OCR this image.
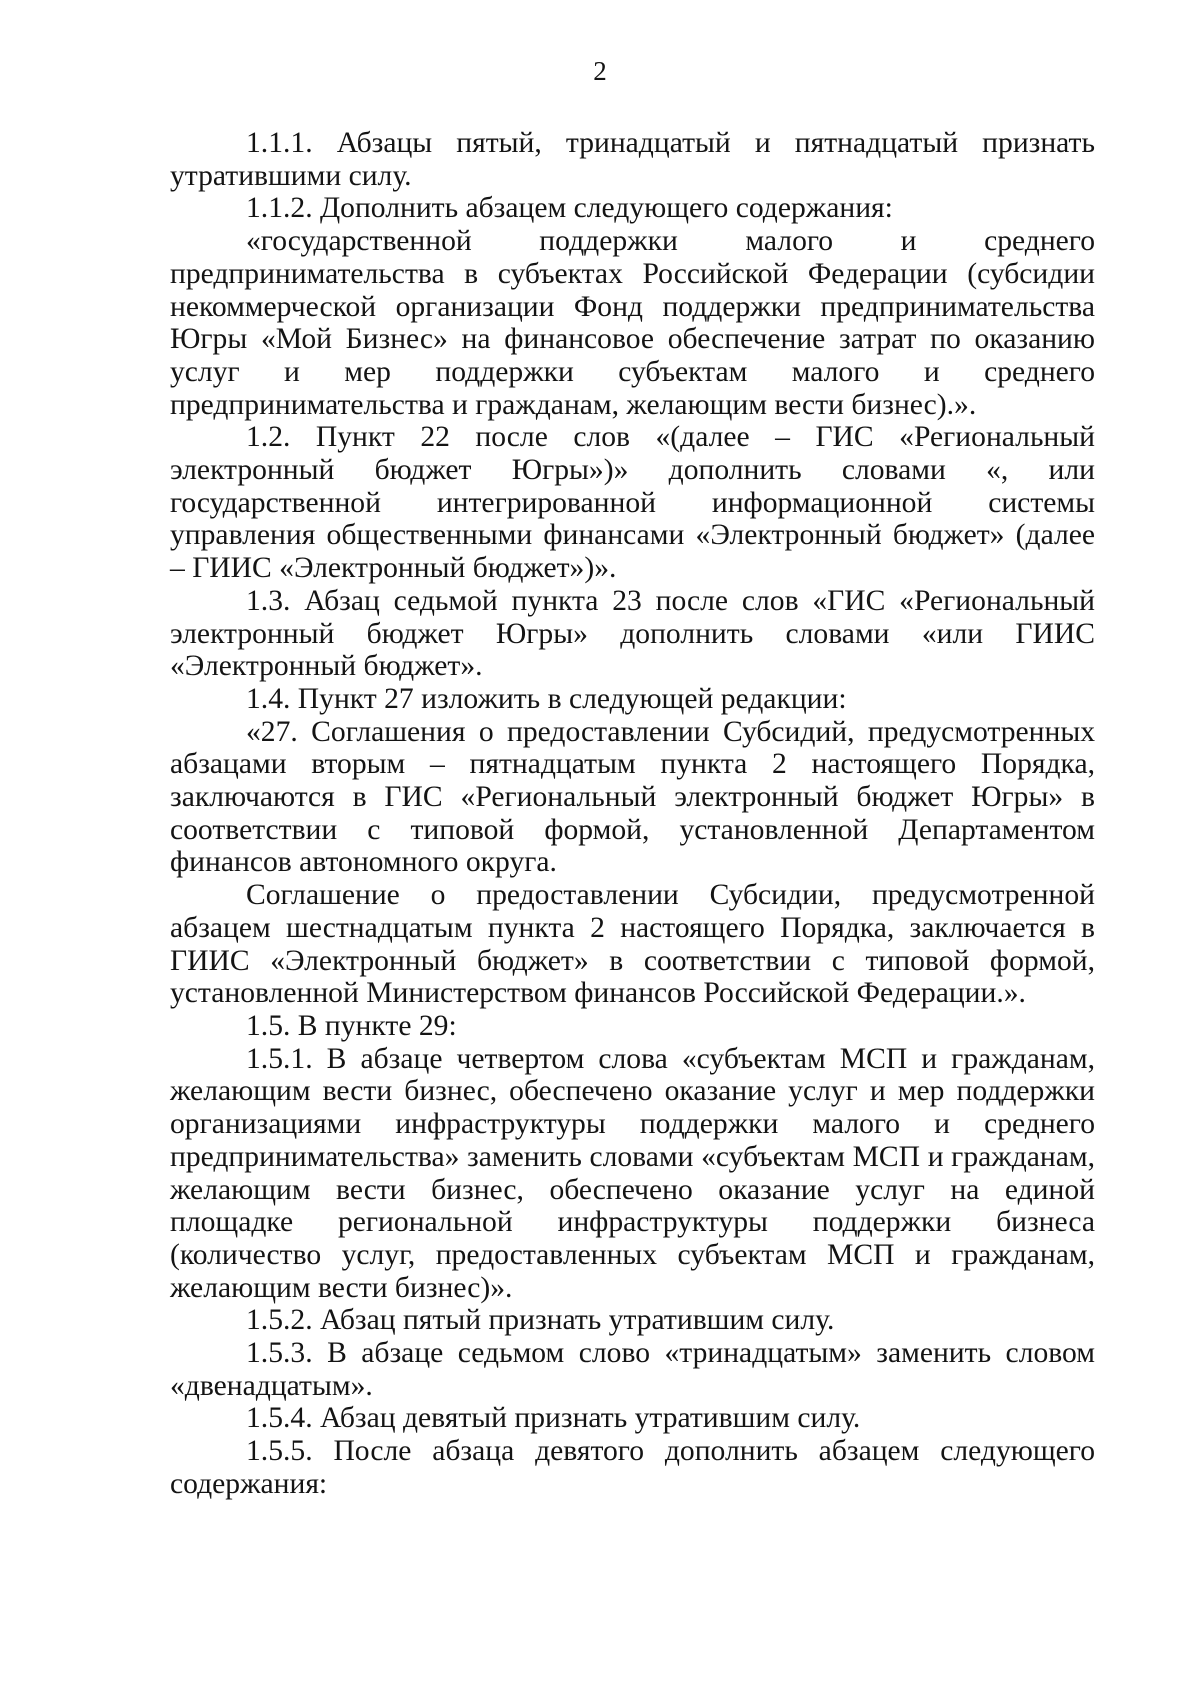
2

1.1.1. Абзацы пятый, тринадцатый и пятнадцатый признать утратившими силу.

1.1.2. Дополнить абзацем следующего содержания:

«государственной поддержки малого и среднего предпринимательства в субъектах Российской Федерации (субсидии некоммерческой организации Фонд поддержки предпринимательства Югры «Мой Бизнес» на финансовое обеспечение затрат по оказанию услуг и мер поддержки субъектам малого и среднего предпринимательства и гражданам, желающим вести бизнес).».

1.2. Пункт 22 после слов «(далее – ГИС «Региональный электронный бюджет Югры»)» дополнить словами «, или государственной интегрированной информационной системы управления общественными финансами «Электронный бюджет» (далее – ГИИС «Электронный бюджет»)».

1.3. Абзац седьмой пункта 23 после слов «ГИС «Региональный электронный бюджет Югры» дополнить словами «или ГИИС «Электронный бюджет».

1.4. Пункт 27 изложить в следующей редакции:

«27. Соглашения о предоставлении Субсидий, предусмотренных абзацами вторым – пятнадцатым пункта 2 настоящего Порядка, заключаются в ГИС «Региональный электронный бюджет Югры» в соответствии с типовой формой, установленной Департаментом финансов автономного округа.

Соглашение о предоставлении Субсидии, предусмотренной абзацем шестнадцатым пункта 2 настоящего Порядка, заключается в ГИИС «Электронный бюджет» в соответствии с типовой формой, установленной Министерством финансов Российской Федерации.».

1.5. В пункте 29:

1.5.1. В абзаце четвертом слова «субъектам МСП и гражданам, желающим вести бизнес, обеспечено оказание услуг и мер поддержки организациями инфраструктуры поддержки малого и среднего предпринимательства» заменить словами «субъектам МСП и гражданам, желающим вести бизнес, обеспечено оказание услуг на единой площадке региональной инфраструктуры поддержки бизнеса (количество услуг, предоставленных субъектам МСП и гражданам, желающим вести бизнес)».

1.5.2. Абзац пятый признать утратившим силу.

1.5.3. В абзаце седьмом слово «тринадцатым» заменить словом «двенадцатым».

1.5.4. Абзац девятый признать утратившим силу.

1.5.5. После абзаца девятого дополнить абзацем следующего содержания:
